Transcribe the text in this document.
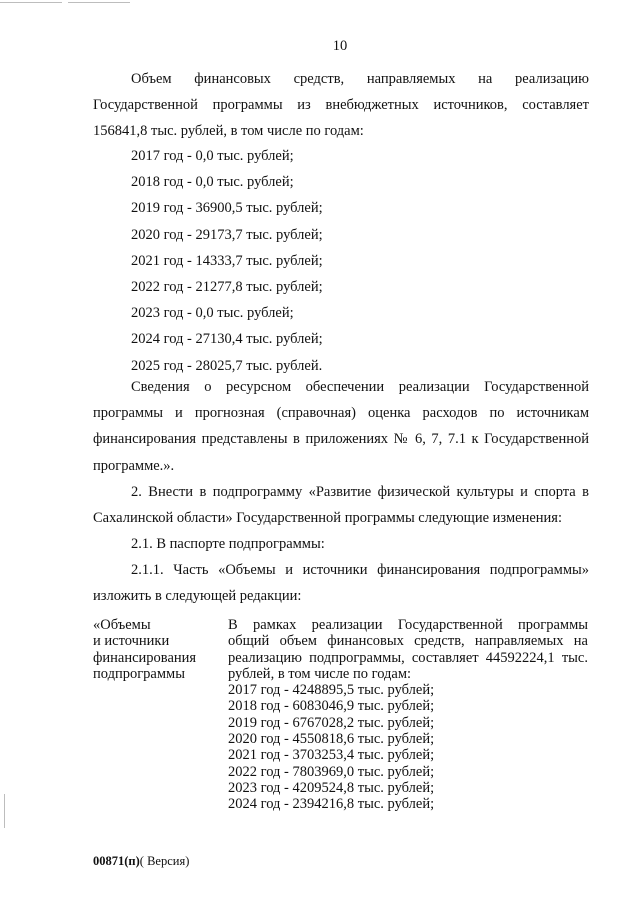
10

Объем финансовых средств, направляемых на реализацию
Государственной программы из внебюджетных источников, составляет
156841,8 тыс. рублей, в том числе по годам:

2017 год - 0,0 тыс. рублей;
2018 год - 0,0 тыс. рублей;
2019 год - 36900,5 тыс. рублей;
2020 год - 29173,7 тыс. рублей;
2021 год - 14333,7 тыс. рублей;
2022 год - 21277,8 тыс. рублей;
2023 год - 0,0 тыс. рублей;
2024 год - 27130,4 тыс. рублей;
2025 год - 28025,7 тыс. рублей.

Сведения о ресурсном обеспечении реализации Государственной
программы и прогнозная (справочная) оценка расходов по источникам
финансирования представлены в приложениях № 6, 7, 7.1 к Государственной
программе.».

2. Внести в подпрограмму «Развитие физической культуры и спорта в
Сахалинской области» Государственной программы следующие изменения:

2.1. В паспорте подпрограммы:

2.1.1. Часть «Объемы и источники финансирования подпрограммы»
изложить в следующей редакции:

«Объемы
и источники
финансирования
подпрограммы
В рамках реализации Государственной программы
общий объем финансовых средств, направляемых на
реализацию подпрограммы, составляет 44592224,1 тыс.
рублей, в том числе по годам:
2017 год - 4248895,5 тыс. рублей;
2018 год - 6083046,9 тыс. рублей;
2019 год - 6767028,2 тыс. рублей;
2020 год - 4550818,6 тыс. рублей;
2021 год - 3703253,4 тыс. рублей;
2022 год - 7803969,0 тыс. рублей;
2023 год - 4209524,8 тыс. рублей;
2024 год - 2394216,8 тыс. рублей;
00871(п)( Версия)
